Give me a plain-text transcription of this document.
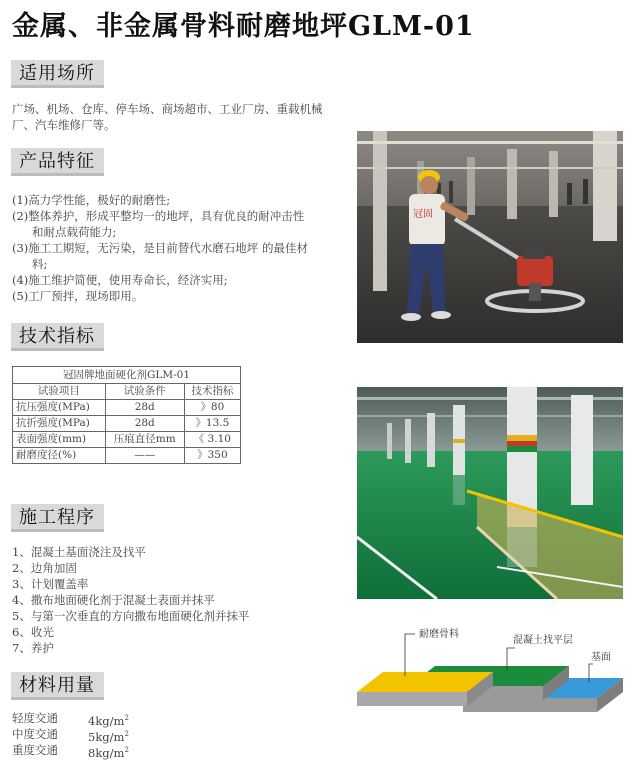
金属、非金属骨料耐磨地坪GLM-01
适用场所
广场、机场、仓库、停车场、商场超市、工业厂房、重载机械
厂、汽车维修厂等。
产品特征
(1)高力学性能，极好的耐磨性;
(2)整体养护，形成平整均一的地坪，具有优良的耐冲击性
和耐点载荷能力;
(3)施工工期短，无污染，是目前替代水磨石地坪 的最佳材
料;
(4)施工维护简便，使用寿命长，经济实用;
(5)工厂预拌，现场即用。
冠固
技术指标
冠固牌地面硬化剂GLM-01		
试验项目	试验条件	技术指标
抗压强度(MPa)	28d	》80
抗折强度(MPa)	28d	》13.5
表面强度(mm)	压痕直径mm	《 3.10
耐磨度径(%)	——	》350
施工程序
1、混凝土基面浇注及找平
2、边角加固
3、计划覆盖率
4、撒布地面硬化剂于混凝土表面并抹平
5、与第一次垂直的方向撒布地面硬化剂并抹平
6、收光
7、养护
耐磨骨料
混凝土找平层
基面
材料用量
轻度交通	$4kg/m^2$
中度交通	$5kg/m^2$
重度交通	$8kg/m^2$
